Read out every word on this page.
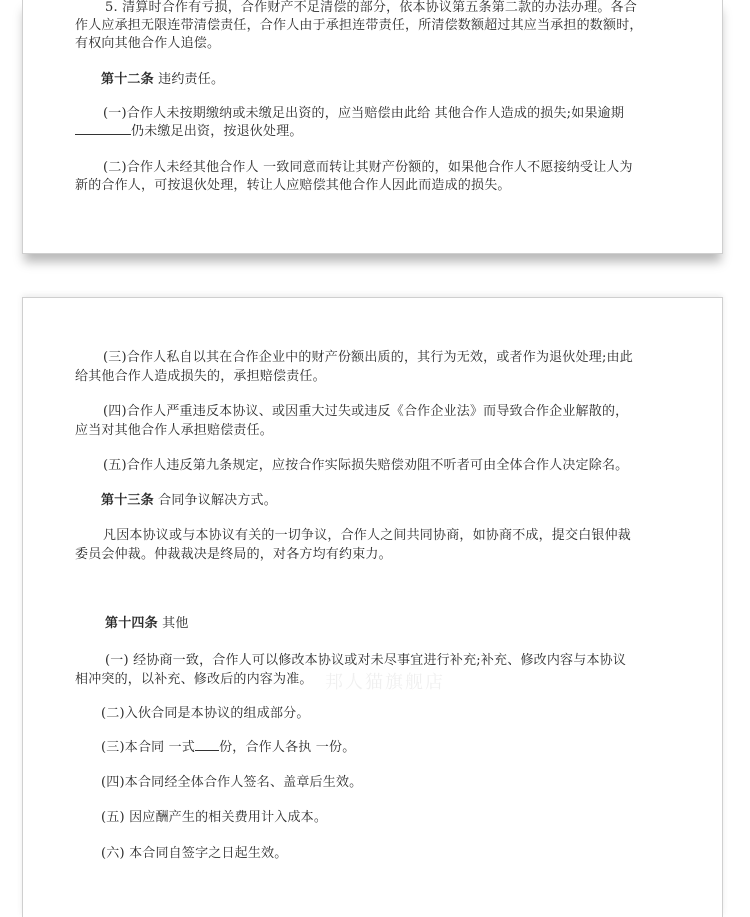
5. 清算时合作有亏损，合作财产不足清偿的部分，依本协议第五条第二款的办法办理。各合

作人应承担无限连带清偿责任，合作人由于承担连带责任，所清偿数额超过其应当承担的数额时，

有权向其他合作人追偿。

第十二条 违约责任。

(一)合作人未按期缴纳或未缴足出资的，应当赔偿由此给 其他合作人造成的损失;如果逾期

仍未缴足出资，按退伙处理。

(二)合作人未经其他合作人 一致同意而转让其财产份额的，如果他合作人不愿接纳受让人为

新的合作人，可按退伙处理，转让人应赔偿其他合作人因此而造成的损失。

(三)合作人私自以其在合作企业中的财产份额出质的，其行为无效，或者作为退伙处理;由此

给其他合作人造成损失的，承担赔偿责任。

(四)合作人严重违反本协议、或因重大过失或违反《合作企业法》而导致合作企业解散的，

应当对其他合作人承担赔偿责任。

(五)合作人违反第九条规定，应按合作实际损失赔偿劝阻不听者可由全体合作人决定除名。

第十三条 合同争议解决方式。

凡因本协议或与本协议有关的一切争议，合作人之间共同协商，如协商不成，提交白银仲裁

委员会仲裁。仲裁裁决是终局的，对各方均有约束力。

第十四条 其他

(一) 经协商一致，合作人可以修改本协议或对未尽事宜进行补充;补充、修改内容与本协议

相冲突的，以补充、修改后的内容为准。

(二)入伙合同是本协议的组成部分。

(三)本合同 一式 份，合作人各执 一份。

(四)本合同经全体合作人签名、盖章后生效。

(五) 因应酬产生的相关费用计入成本。

(六) 本合同自签字之日起生效。

邦人猫旗舰店
